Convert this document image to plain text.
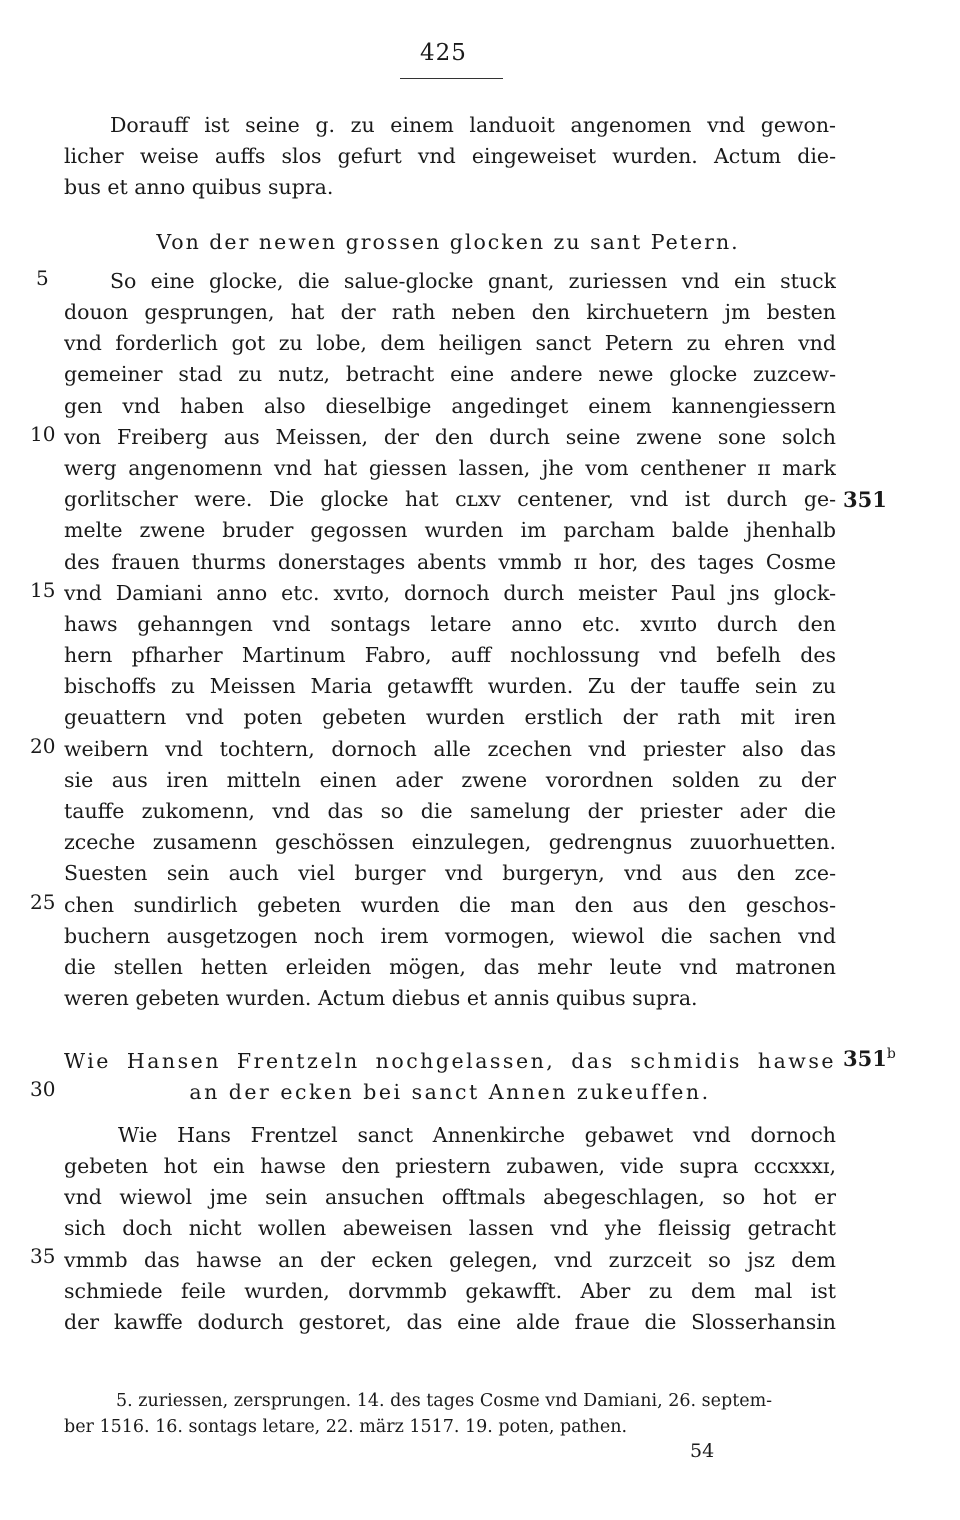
425
Dorauff ist seine g. zu einem landuoit angenomen vnd gewon-
licher weise auffs slos gefurt vnd eingeweiset wurden. Actum die-
bus et anno quibus supra.
Von der newen grossen glocken zu sant Petern.
So eine glocke, die salue-glocke gnant, zuriessen vnd ein stuck
douon gesprungen, hat der rath neben den kirchuetern jm besten
vnd forderlich got zu lobe, dem heiligen sanct Petern zu ehren vnd
gemeiner stad zu nutz, betracht eine andere newe glocke zuzcew-
gen vnd haben also dieselbige angedinget einem kannengiessern
von Freiberg aus Meissen, der den durch seine zwene sone solch
werg angenomenn vnd hat giessen lassen, jhe vom centhener ɪɪ mark
gorlitscher were. Die glocke hat ᴄʟxᴠ centener, vnd ist durch ge-
melte zwene bruder gegossen wurden im parcham balde jhenhalb
des frauen thurms donerstages abents vmmb ɪɪ hor, des tages Cosme
vnd Damiani anno etc. xᴠɪto, dornoch durch meister Paul jns glock-
haws gehanngen vnd sontags letare anno etc. xᴠɪɪto durch den
hern pfharher Martinum Fabro, auff nochlossung vnd befelh des
bischoffs zu Meissen Maria getawfft wurden. Zu der tauffe sein zu
geuattern vnd poten gebeten wurden erstlich der rath mit iren
weibern vnd tochtern, dornoch alle zcechen vnd priester also das
sie aus iren mitteln einen ader zwene vorordnen solden zu der
tauffe zukomenn, vnd das so die samelung der priester ader die
zceche zusamenn geschössen einzulegen, gedrengnus zuuorhuetten.
Suesten sein auch viel burger vnd burgeryn, vnd aus den zce-
chen sundirlich gebeten wurden die man den aus den geschos-
buchern ausgetzogen noch irem vormogen, wiewol die sachen vnd
die stellen hetten erleiden mögen, das mehr leute vnd matronen
weren gebeten wurden. Actum diebus et annis quibus supra.
Wie Hansen Frentzeln nochgelassen, das schmidis hawse
an der ecken bei sanct Annen zukeuffen.
Wie Hans Frentzel sanct Annenkirche gebawet vnd dornoch
gebeten hot ein hawse den priestern zubawen, vide supra ᴄᴄᴄxxxɪ,
vnd wiewol jme sein ansuchen offtmals abegeschlagen, so hot er
sich doch nicht wollen abeweisen lassen vnd yhe fleissig getracht
vmmb das hawse an der ecken gelegen, vnd zurzceit so jsz dem
schmiede feile wurden, dorvmmb gekawfft. Aber zu dem mal ist
der kawffe dodurch gestoret, das eine alde fraue die Slosserhansin
5
10
15
20
25
30
35
351
351$^b$
5. zuriessen, zersprungen. 14. des tages Cosme vnd Damiani, 26. septem-
ber 1516. 16. sontags letare, 22. märz 1517. 19. poten, pathen.
54
